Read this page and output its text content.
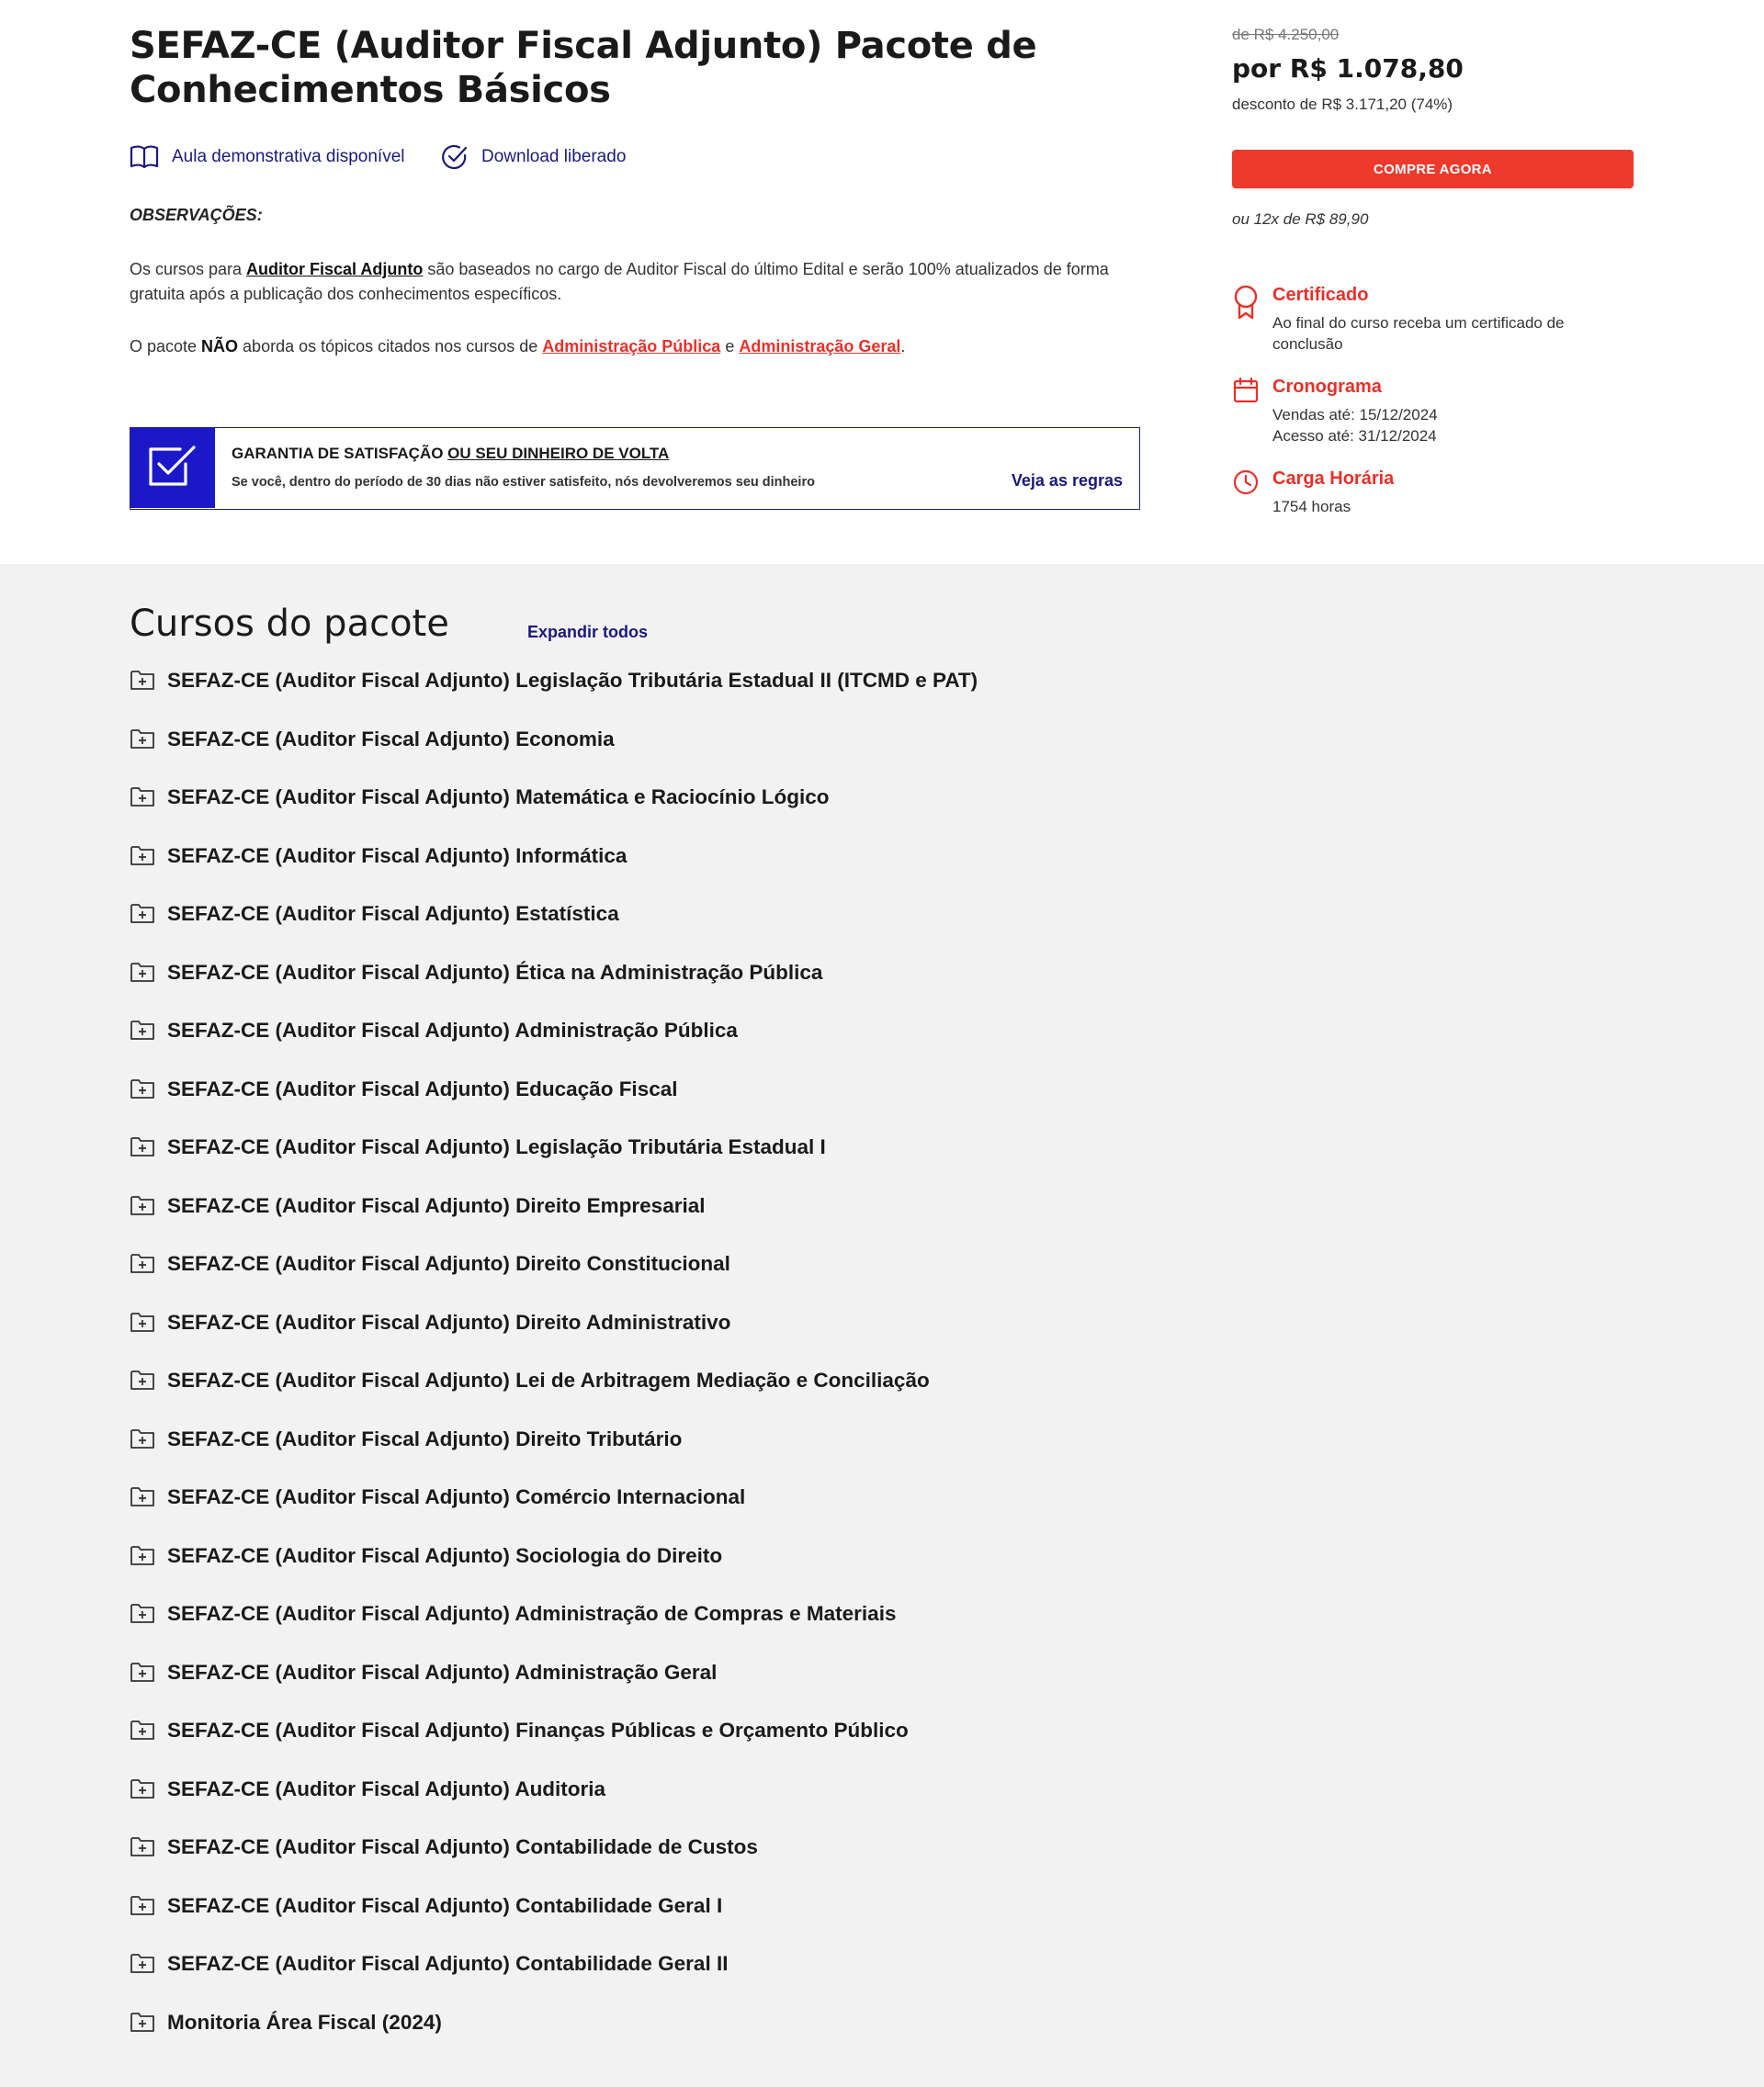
SEFAZ-CE (Auditor Fiscal Adjunto) Pacote de Conhecimentos Básicos
Aula demonstrativa disponível	Download liberado
OBSERVAÇÕES:

Os cursos para Auditor Fiscal Adjunto são baseados no cargo de Auditor Fiscal do último Edital e serão 100% atualizados de forma gratuita após a publicação dos conhecimentos específicos.

O pacote NÃO aborda os tópicos citados nos cursos de Administração Pública e Administração Geral.

GARANTIA DE SATISFAÇÃO OU SEU DINHEIRO DE VOLTA
Se você, dentro do período de 30 dias não estiver satisfeito, nós devolveremos seu dinheiro	Veja as regras
de R$ 4.250,00
por R$ 1.078,80
desconto de R$ 3.171,20 (74%)
COMPRE AGORA
ou 12x de R$ 89,90
Certificado
Ao final do curso receba um certificado de conclusão
Cronograma
Vendas até: 15/12/2024
Acesso até: 31/12/2024
Carga Horária
1754 horas
Cursos do pacote	Expandir todos
SEFAZ-CE (Auditor Fiscal Adjunto) Legislação Tributária Estadual II (ITCMD e PAT)
SEFAZ-CE (Auditor Fiscal Adjunto) Economia
SEFAZ-CE (Auditor Fiscal Adjunto) Matemática e Raciocínio Lógico
SEFAZ-CE (Auditor Fiscal Adjunto) Informática
SEFAZ-CE (Auditor Fiscal Adjunto) Estatística
SEFAZ-CE (Auditor Fiscal Adjunto) Ética na Administração Pública
SEFAZ-CE (Auditor Fiscal Adjunto) Administração Pública
SEFAZ-CE (Auditor Fiscal Adjunto) Educação Fiscal
SEFAZ-CE (Auditor Fiscal Adjunto) Legislação Tributária Estadual I
SEFAZ-CE (Auditor Fiscal Adjunto) Direito Empresarial
SEFAZ-CE (Auditor Fiscal Adjunto) Direito Constitucional
SEFAZ-CE (Auditor Fiscal Adjunto) Direito Administrativo
SEFAZ-CE (Auditor Fiscal Adjunto) Lei de Arbitragem Mediação e Conciliação
SEFAZ-CE (Auditor Fiscal Adjunto) Direito Tributário
SEFAZ-CE (Auditor Fiscal Adjunto) Comércio Internacional
SEFAZ-CE (Auditor Fiscal Adjunto) Sociologia do Direito
SEFAZ-CE (Auditor Fiscal Adjunto) Administração de Compras e Materiais
SEFAZ-CE (Auditor Fiscal Adjunto) Administração Geral
SEFAZ-CE (Auditor Fiscal Adjunto) Finanças Públicas e Orçamento Público
SEFAZ-CE (Auditor Fiscal Adjunto) Auditoria
SEFAZ-CE (Auditor Fiscal Adjunto) Contabilidade de Custos
SEFAZ-CE (Auditor Fiscal Adjunto) Contabilidade Geral I
SEFAZ-CE (Auditor Fiscal Adjunto) Contabilidade Geral II
Monitoria Área Fiscal (2024)
